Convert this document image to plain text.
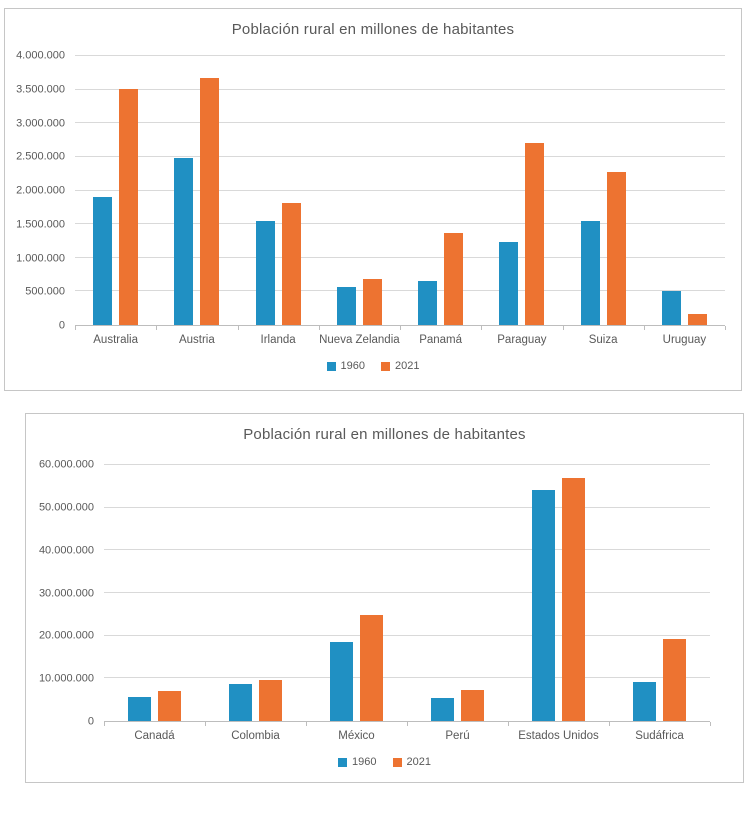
Población rural en millones de habitantes
0
500.000
1.000.000
1.500.000
2.000.000
2.500.000
3.000.000
3.500.000
4.000.000
Australia	Austria	Irlanda	Nueva Zelandia	Panamá	Paraguay	Suiza	Uruguay
1960	2021
Población rural en millones de habitantes
0
10.000.000
20.000.000
30.000.000
40.000.000
50.000.000
60.000.000
Canadá	Colombia	México	Perú	Estados Unidos	Sudáfrica
1960	2021
